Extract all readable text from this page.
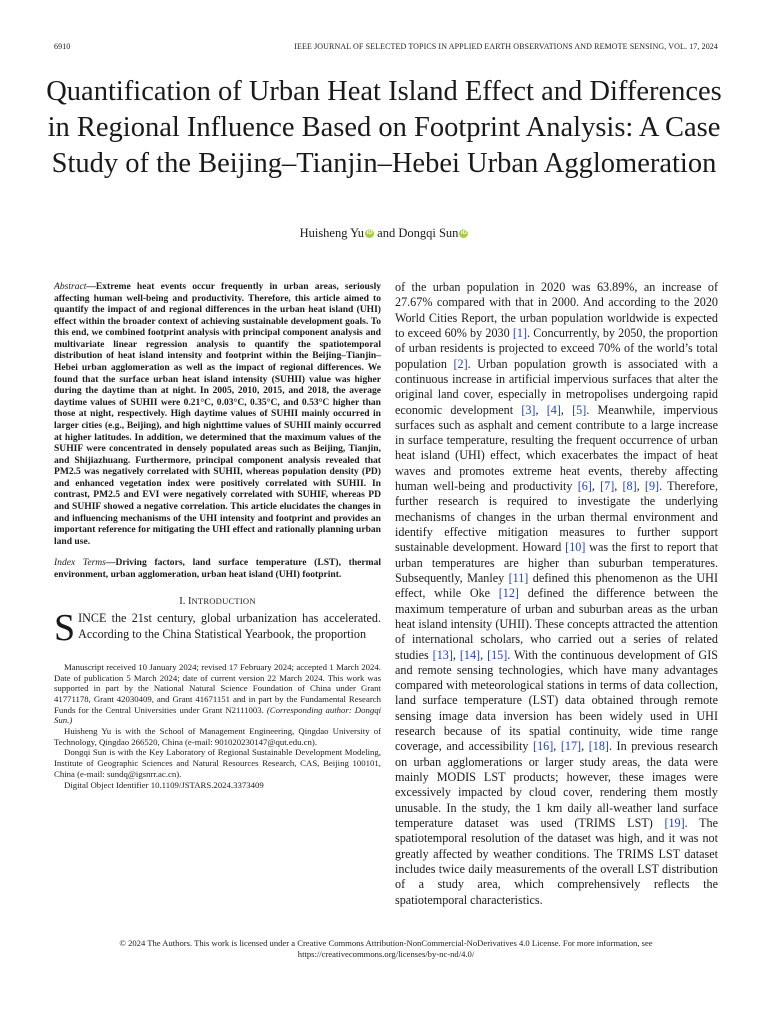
6910	IEEE JOURNAL OF SELECTED TOPICS IN APPLIED EARTH OBSERVATIONS AND REMOTE SENSING, VOL. 17, 2024
Quantification of Urban Heat Island Effect and Differences in Regional Influence Based on Footprint Analysis: A Case Study of the Beijing–Tianjin–Hebei Urban Agglomeration
Huisheng Yu iD and Dongqi Sun iD

Abstract—Extreme heat events occur frequently in urban areas, seriously affecting human well-being and productivity. Therefore, this article aimed to quantify the impact of and regional differences in the urban heat island (UHI) effect within the broader context of achieving sustainable development goals. To this end, we combined footprint analysis with principal component analysis and multivariate linear regression analysis to quantify the spatiotemporal distribution of heat island intensity and footprint within the Beijing–Tianjin–Hebei urban agglomeration as well as the impact of regional differences. We found that the surface urban heat island intensity (SUHII) value was higher during the daytime than at night. In 2005, 2010, 2015, and 2018, the average daytime values of SUHII were 0.21°C, 0.03°C, 0.35°C, and 0.53°C higher than those at night, respectively. High daytime values of SUHII mainly occurred in larger cities (e.g., Beijing), and high nighttime values of SUHII mainly occurred at higher latitudes. In addition, we determined that the maximum values of the SUHIF were concentrated in densely populated areas such as Beijing, Tianjin, and Shijiazhuang. Furthermore, principal component analysis revealed that PM2.5 was negatively correlated with SUHII, whereas population density (PD) and enhanced vegetation index were positively correlated with SUHII. In contrast, PM2.5 and EVI were negatively correlated with SUHIF, whereas PD and SUHIF showed a negative correlation. This article elucidates the changes in and influencing mechanisms of the UHI intensity and footprint and provides an important reference for mitigating the UHI effect and rationally planning urban land use.

Index Terms—Driving factors, land surface temperature (LST), thermal environment, urban agglomeration, urban heat island (UHI) footprint.

I. INTRODUCTION

SINCE the 21st century, global urbanization has accelerated. According to the China Statistical Yearbook, the proportion

Manuscript received 10 January 2024; revised 17 February 2024; accepted 1 March 2024. Date of publication 5 March 2024; date of current version 22 March 2024. This work was supported in part by the National Natural Science Foundation of China under Grant 41771178, Grant 42030409, and Grant 41671151 and in part by the Fundamental Research Funds for the Central Universities under Grant N2111003. (Corresponding author: Dongqi Sun.)

Huisheng Yu is with the School of Management Engineering, Qingdao University of Technology, Qingdao 266520, China (e-mail: 901020230147@qut.edu.cn).

Dongqi Sun is with the Key Laboratory of Regional Sustainable Development Modeling, Institute of Geographic Sciences and Natural Resources Research, CAS, Beijing 100101, China (e-mail: sundq@igsnrr.ac.cn).

Digital Object Identifier 10.1109/JSTARS.2024.3373409

of the urban population in 2020 was 63.89%, an increase of 27.67% compared with that in 2000. And according to the 2020 World Cities Report, the urban population worldwide is expected to exceed 60% by 2030 [1]. Concurrently, by 2050, the proportion of urban residents is projected to exceed 70% of the world’s total population [2]. Urban population growth is associated with a continuous increase in artificial impervious surfaces that alter the original land cover, especially in metropolises undergoing rapid economic development [3], [4], [5]. Meanwhile, impervious surfaces such as asphalt and cement contribute to a large increase in surface temperature, resulting the frequent occurrence of urban heat island (UHI) effect, which exacerbates the impact of heat waves and promotes extreme heat events, thereby affecting human well-being and productivity [6], [7], [8], [9]. Therefore, further research is required to investigate the underlying mechanisms of changes in the urban thermal environment and identify effective mitigation measures to further support sustainable development. Howard [10] was the first to report that urban temperatures are higher than suburban temperatures. Subsequently, Manley [11] defined this phenomenon as the UHI effect, while Oke [12] defined the difference between the maximum temperature of urban and suburban areas as the urban heat island intensity (UHII). These concepts attracted the attention of international scholars, who carried out a series of related studies [13], [14], [15]. With the continuous development of GIS and remote sensing technologies, which have many advantages compared with meteorological stations in terms of data collection, land surface temperature (LST) data obtained through remote sensing image data inversion has been widely used in UHI research because of its spatial continuity, wide time range coverage, and accessibility [16], [17], [18]. In previous research on urban agglomerations or larger study areas, the data were mainly MODIS LST products; however, these images were excessively impacted by cloud cover, rendering them mostly unusable. In the study, the 1 km daily all-weather land surface temperature dataset was used (TRIMS LST) [19]. The spatiotemporal resolution of the dataset was high, and it was not greatly affected by weather conditions. The TRIMS LST dataset includes twice daily measurements of the overall LST distribution of a study area, which comprehensively reflects the spatiotemporal characteristics.

© 2024 The Authors. This work is licensed under a Creative Commons Attribution-NonCommercial-NoDerivatives 4.0 License. For more information, see
https://creativecommons.org/licenses/by-nc-nd/4.0/
